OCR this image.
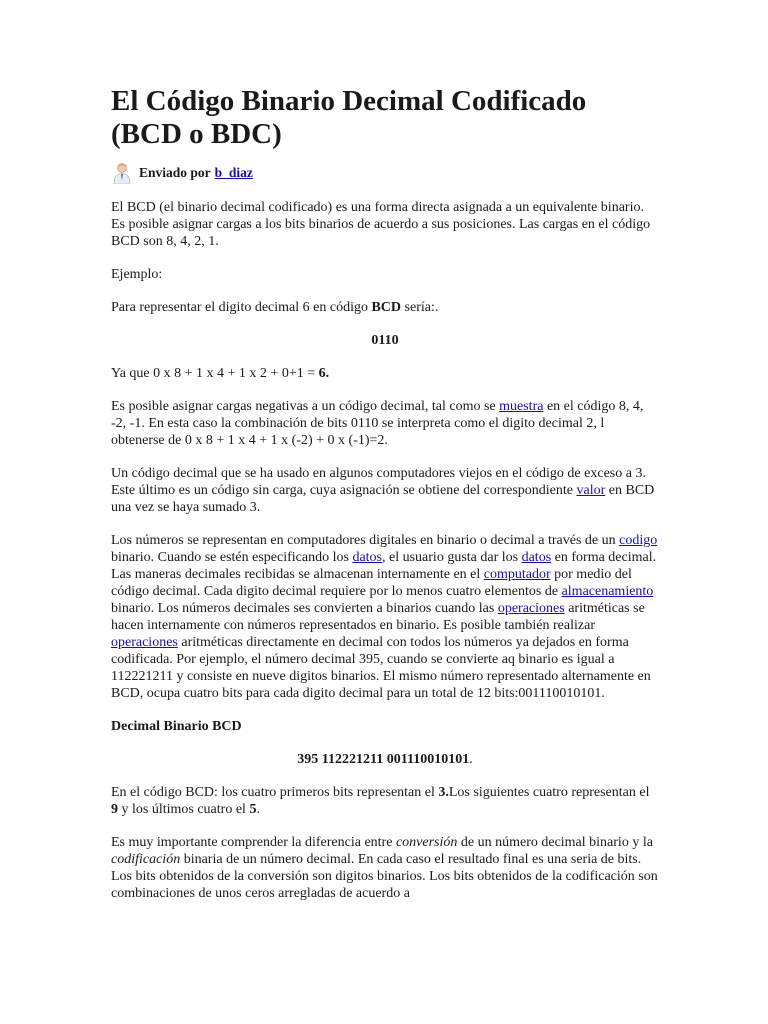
El Código Binario Decimal Codificado
(BCD o BDC)
Enviado por b_diaz

El BCD (el binario decimal codificado) es una forma directa asignada a un equivalente binario. Es posible asignar cargas a los bits binarios de acuerdo a sus posiciones. Las cargas en el código BCD son 8, 4, 2, 1.

Ejemplo:

Para representar el digito decimal 6 en código BCD sería:.

0110

Ya que 0 x 8 + 1 x 4 + 1 x 2 + 0+1 = 6.

Es posible asignar cargas negativas a un código decimal, tal como se muestra en el código 8, 4, -2, -1. En esta caso la combinación de bits 0110 se interpreta como el digito decimal 2, l obtenerse de 0 x 8 + 1 x 4 + 1 x (-2) + 0 x (-1)=2.

Un código decimal que se ha usado en algunos computadores viejos en el código de exceso a 3. Este último es un código sin carga, cuya asignación se obtiene del correspondiente valor en BCD una vez se haya sumado 3.

Los números se representan en computadores digitales en binario o decimal a través de un codigo binario. Cuando se estén especificando los datos, el usuario gusta dar los datos en forma decimal. Las maneras decimales recibidas se almacenan internamente en el computador por medio del código decimal. Cada digito decimal requiere por lo menos cuatro elementos de almacenamiento binario. Los números decimales ses convierten a binarios cuando las operaciones aritméticas se hacen internamente con números representados en binario. Es posible también realizar operaciones aritméticas directamente en decimal con todos los números ya dejados en forma codificada. Por ejemplo, el número decimal 395, cuando se convierte aq binario es igual a 112221211 y consiste en nueve digitos binarios. El mismo número representado alternamente en BCD, ocupa cuatro bits para cada digito decimal para un total de 12 bits:001110010101.

Decimal Binario BCD

395 112221211 001110010101.

En el código BCD: los cuatro primeros bits representan el 3.Los siguientes cuatro representan el 9 y los últimos cuatro el 5.

Es muy importante comprender la diferencia entre conversión de un número decimal binario y la codificación binaria de un número decimal. En cada caso el resultado final es una seria de bits. Los bits obtenidos de la conversión son digitos binarios. Los bits obtenidos de la codificación son combinaciones de unos ceros arregladas de acuerdo a
